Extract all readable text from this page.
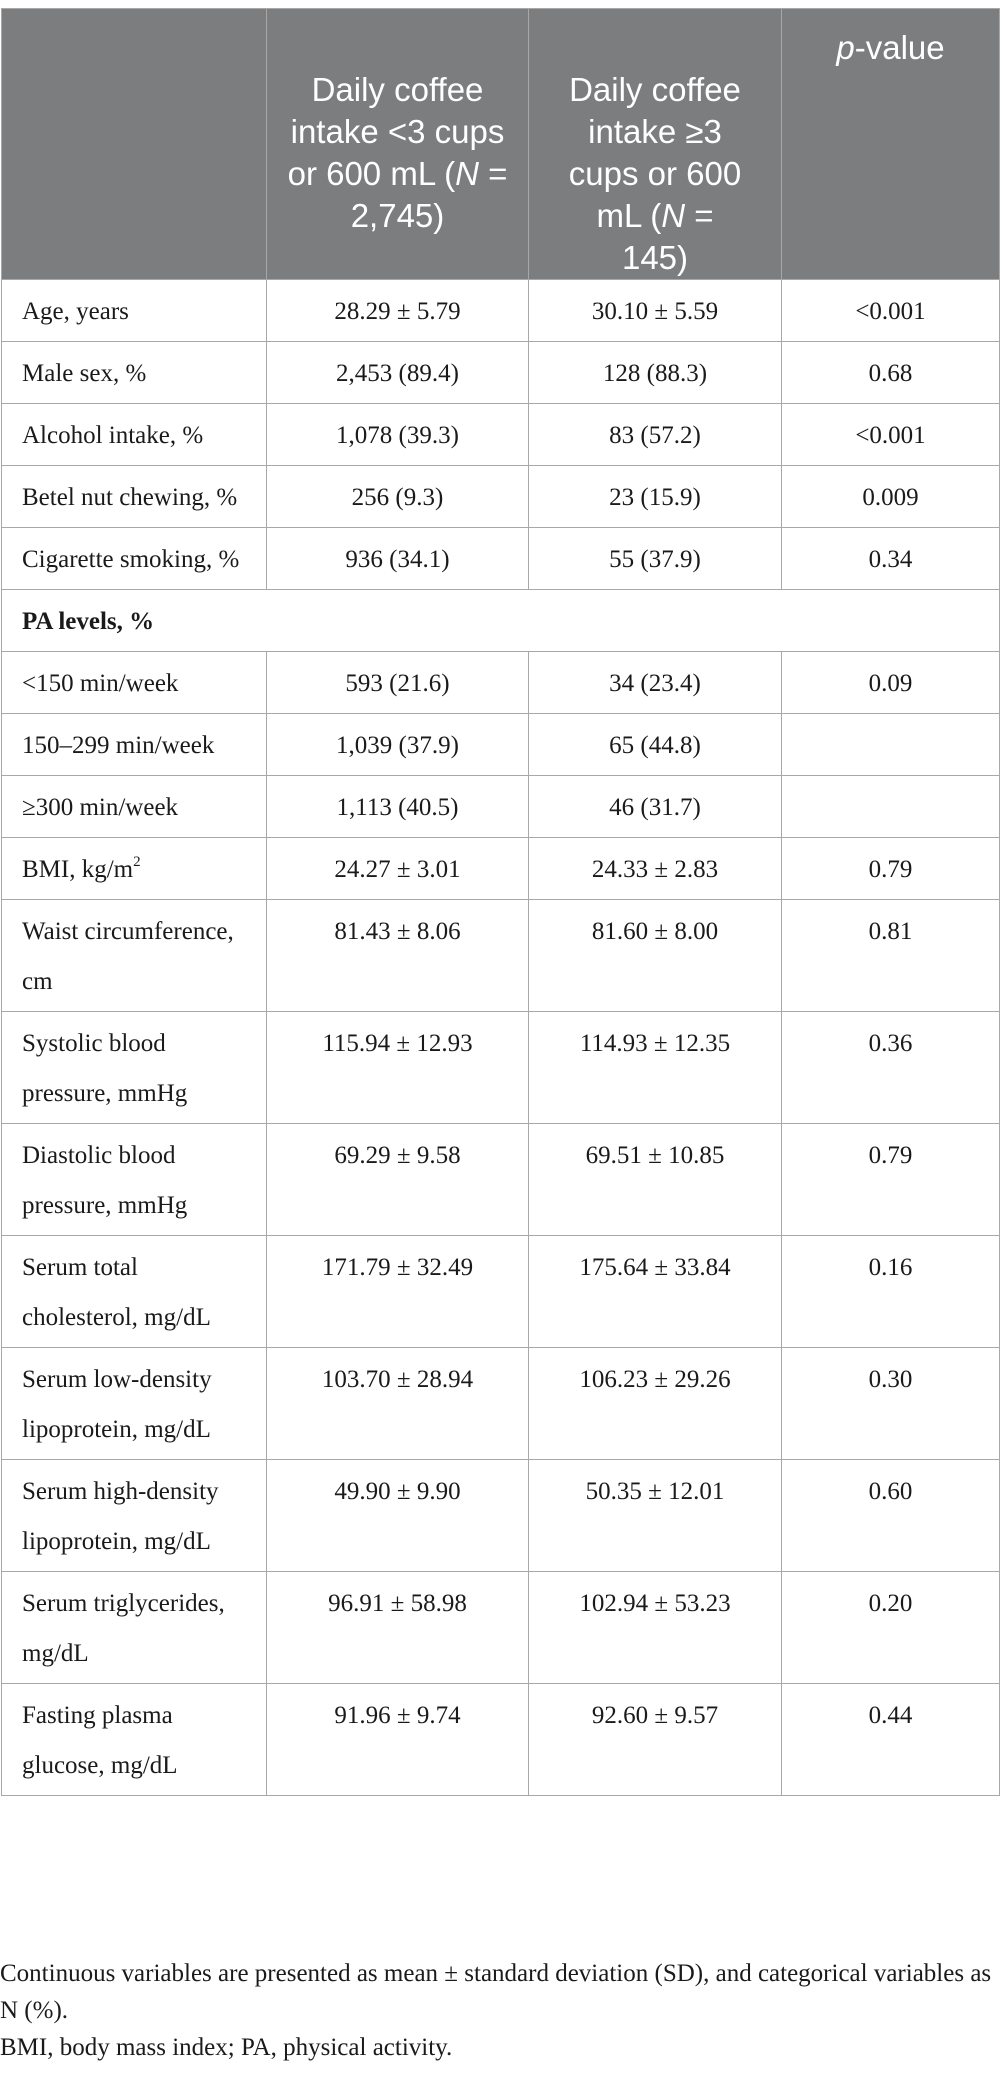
Daily coffee intake <3 cups or 600 mL (N = 2,745)	Daily coffee intake ≥3 cups or 600 mL (N = 145)	p-value
Age, years	28.29 ± 5.79	30.10 ± 5.59	<0.001
Male sex, %	2,453 (89.4)	128 (88.3)	0.68
Alcohol intake, %	1,078 (39.3)	83 (57.2)	<0.001
Betel nut chewing, %	256 (9.3)	23 (15.9)	0.009
Cigarette smoking, %	936 (34.1)	55 (37.9)	0.34
PA levels, %			
<150 min/week	593 (21.6)	34 (23.4)	0.09
150–299 min/week	1,039 (37.9)	65 (44.8)	
≥300 min/week	1,113 (40.5)	46 (31.7)	
BMI, $kg/m^2$	24.27 ± 3.01	24.33 ± 2.83	0.79
Waist circumference, cm	81.43 ± 8.06	81.60 ± 8.00	0.81
Systolic blood pressure, mmHg	115.94 ± 12.93	114.93 ± 12.35	0.36
Diastolic blood pressure, mmHg	69.29 ± 9.58	69.51 ± 10.85	0.79
Serum total cholesterol, mg/dL	171.79 ± 32.49	175.64 ± 33.84	0.16
Serum low-density lipoprotein, mg/dL	103.70 ± 28.94	106.23 ± 29.26	0.30
Serum high-density lipoprotein, mg/dL	49.90 ± 9.90	50.35 ± 12.01	0.60
Serum triglycerides, mg/dL	96.91 ± 58.98	102.94 ± 53.23	0.20
Fasting plasma glucose, mg/dL	91.96 ± 9.74	92.60 ± 9.57	0.44

Continuous variables are presented as mean ± standard deviation (SD), and categorical variables as N (%).

BMI, body mass index; PA, physical activity.
